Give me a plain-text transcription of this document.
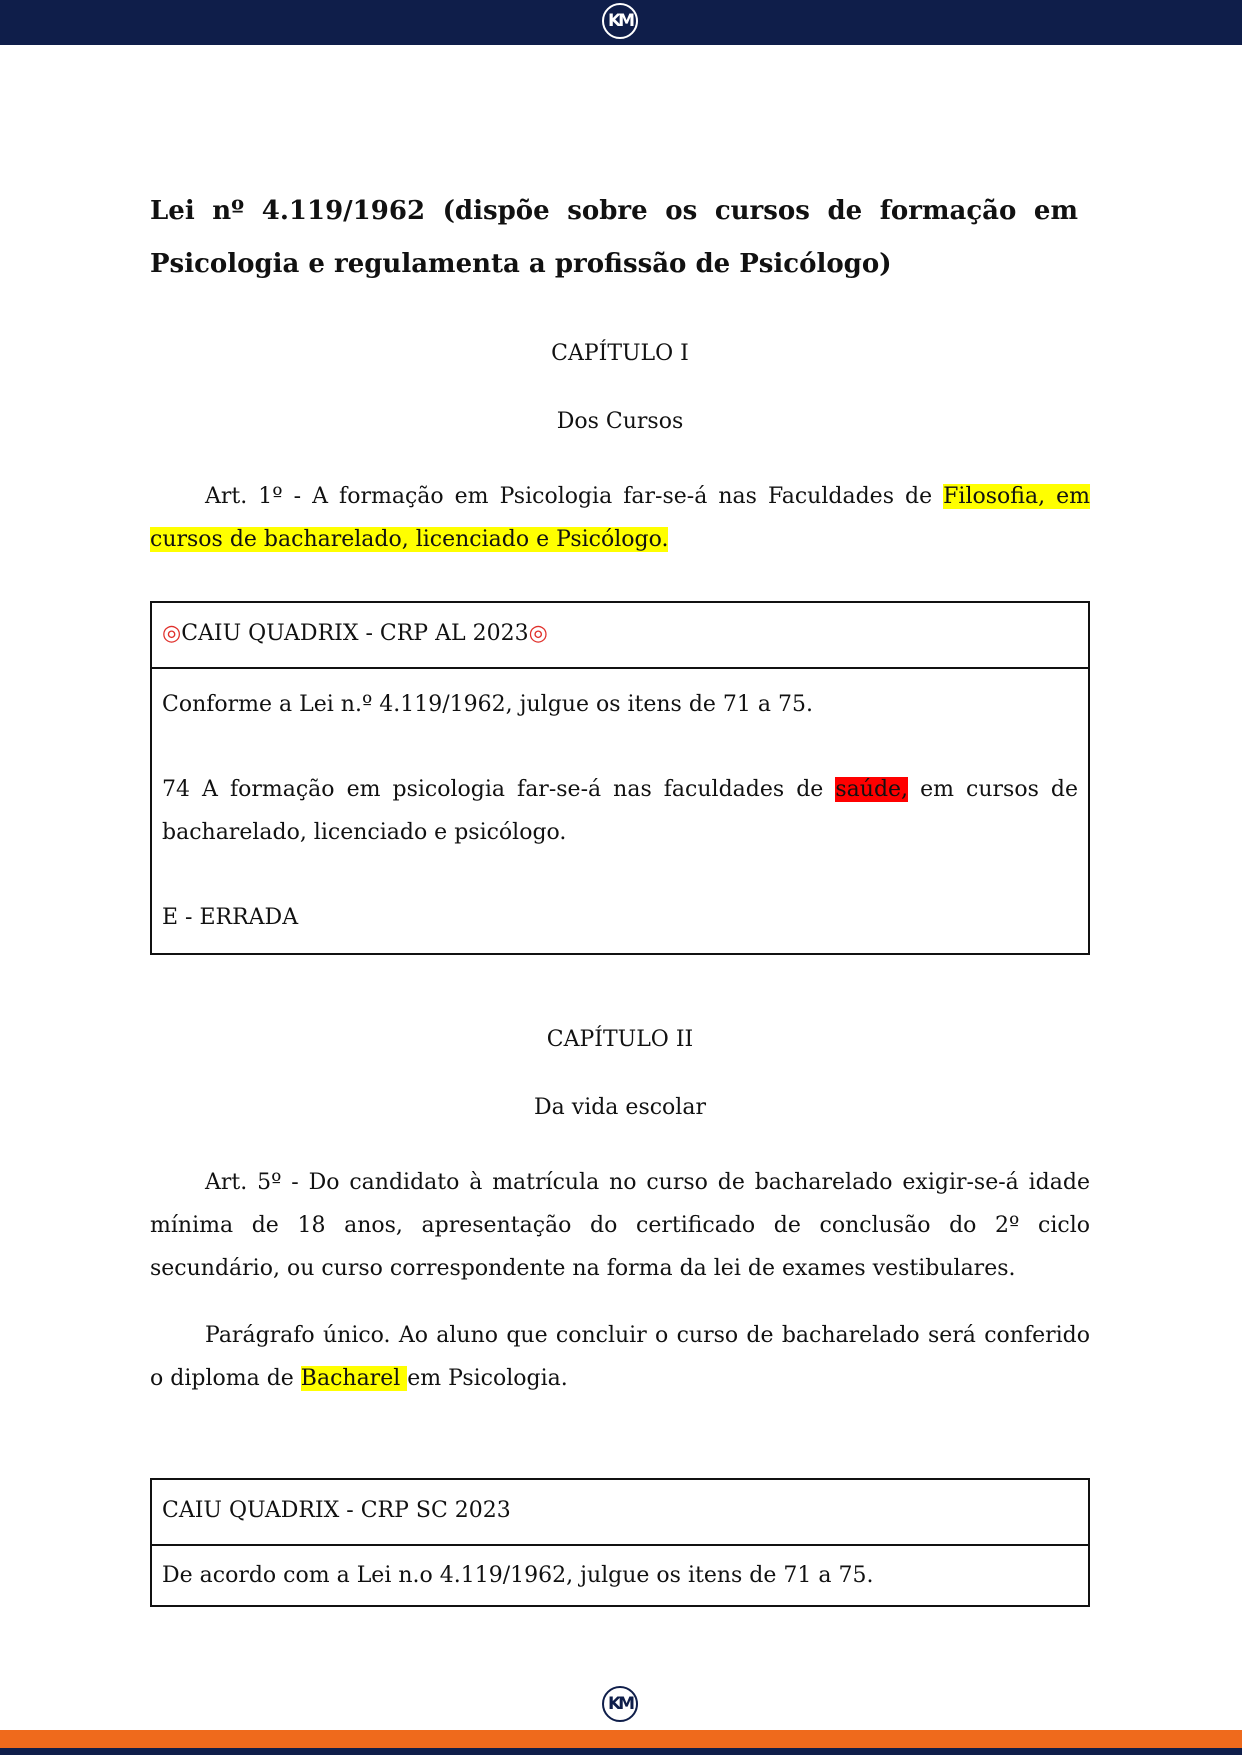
KM

Lei nº 4.119/1962 (dispõe sobre os cursos de formação em Psicologia e regulamenta a profissão de Psicólogo)

CAPÍTULO I

Dos Cursos

Art. 1º - A formação em Psicologia far-se-á nas Faculdades de Filosofia, em cursos de bacharelado, licenciado e Psicólogo.

◎CAIU QUADRIX - CRP AL 2023◎

Conforme a Lei n.º 4.119/1962, julgue os itens de 71 a 75.

74 A formação em psicologia far-se-á nas faculdades de saúde, em cursos de bacharelado, licenciado e psicólogo.

E - ERRADA

CAPÍTULO II

Da vida escolar

Art. 5º - Do candidato à matrícula no curso de bacharelado exigir-se-á idade mínima de 18 anos, apresentação do certificado de conclusão do 2º ciclo secundário, ou curso correspondente na forma da lei de exames vestibulares.

Parágrafo único. Ao aluno que concluir o curso de bacharelado será conferido o diploma de Bacharel em Psicologia.

CAIU QUADRIX - CRP SC 2023

De acordo com a Lei n.o 4.119/1962, julgue os itens de 71 a 75.

KM
